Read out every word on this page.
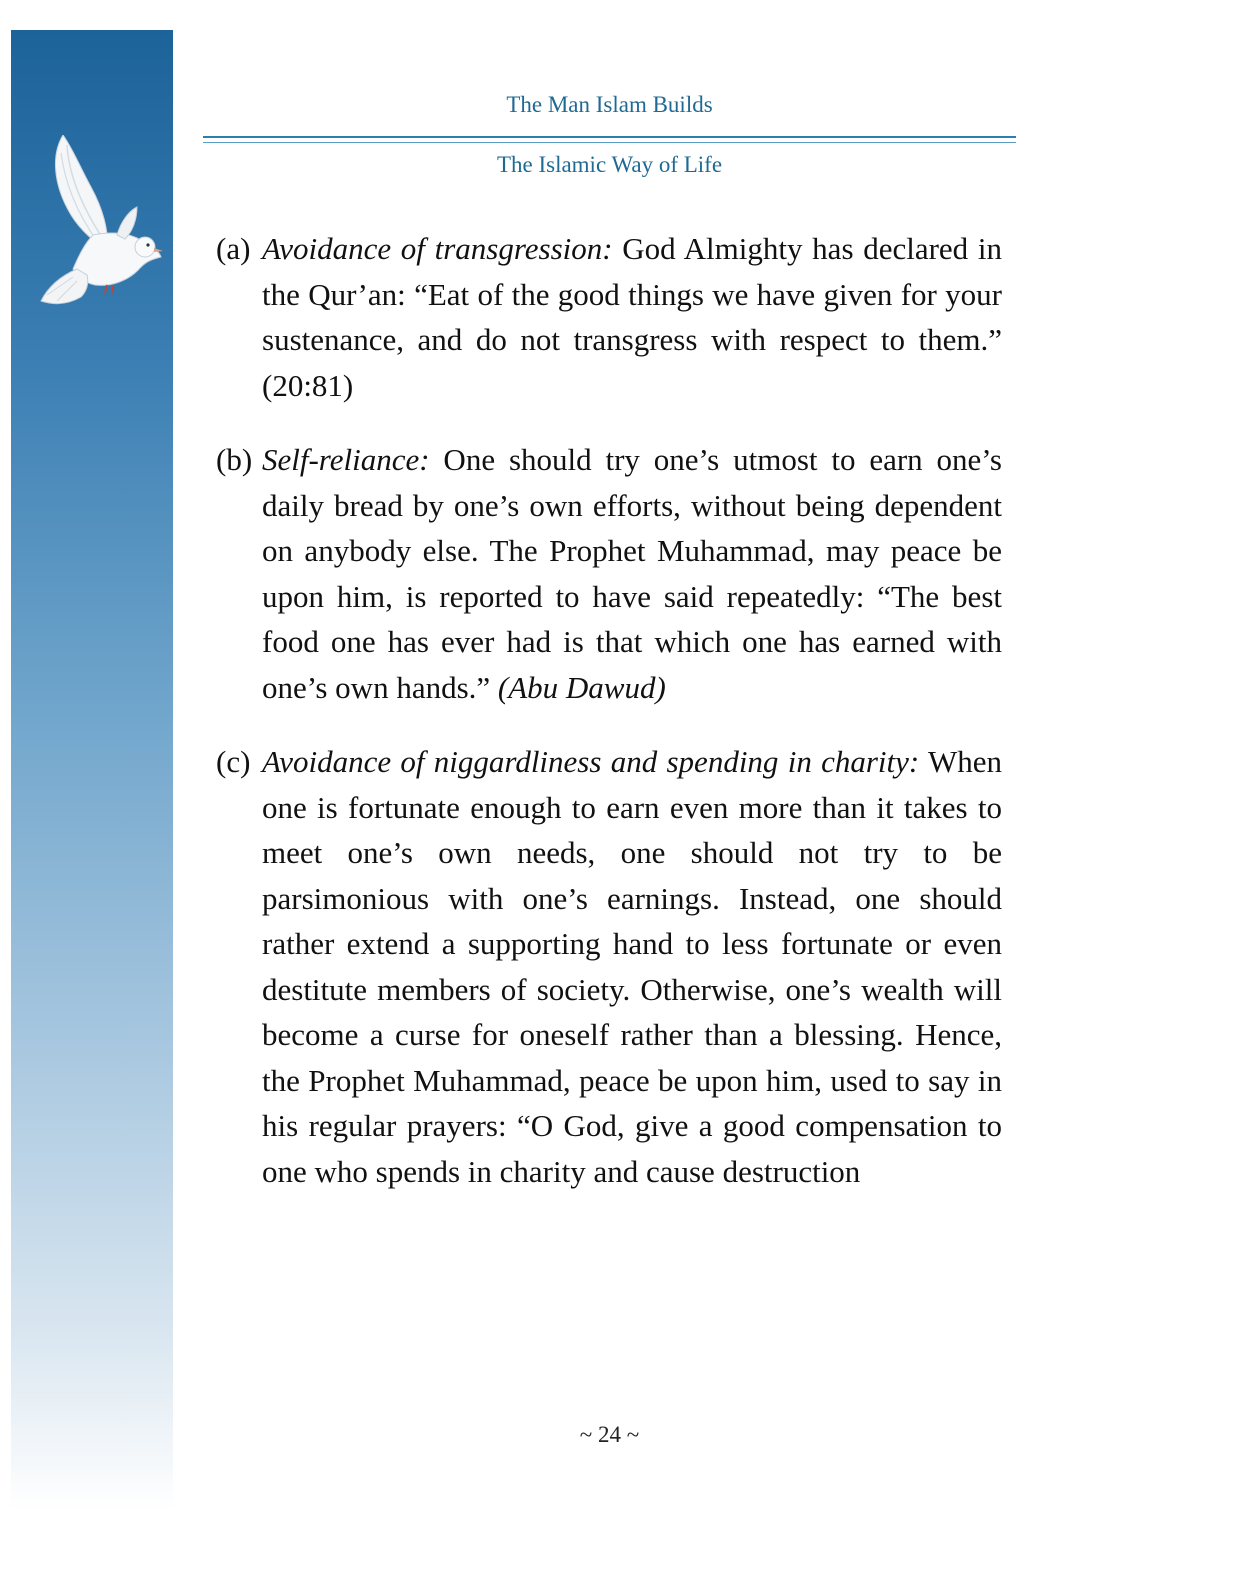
The Man Islam Builds
The Islamic Way of Life
(a) Avoidance of transgression: God Almighty has declared in the Qur’an: “Eat of the good things we have given for your sustenance, and do not transgress with respect to them.” (20:81)
(b) Self-reliance: One should try one’s utmost to earn one’s daily bread by one’s own efforts, without being dependent on anybody else. The Prophet Muhammad, may peace be upon him, is reported to have said repeatedly: “The best food one has ever had is that which one has earned with one’s own hands.” (Abu Dawud)
(c) Avoidance of niggardliness and spending in charity: When one is fortunate enough to earn even more than it takes to meet one’s own needs, one should not try to be parsimonious with one’s earnings. Instead, one should rather extend a supporting hand to less fortunate or even destitute members of society. Otherwise, one’s wealth will become a curse for oneself rather than a blessing. Hence, the Prophet Muhammad, peace be upon him, used to say in his regular prayers: “O God, give a good compensation to one who spends in charity and cause destruction
~ 24 ~
